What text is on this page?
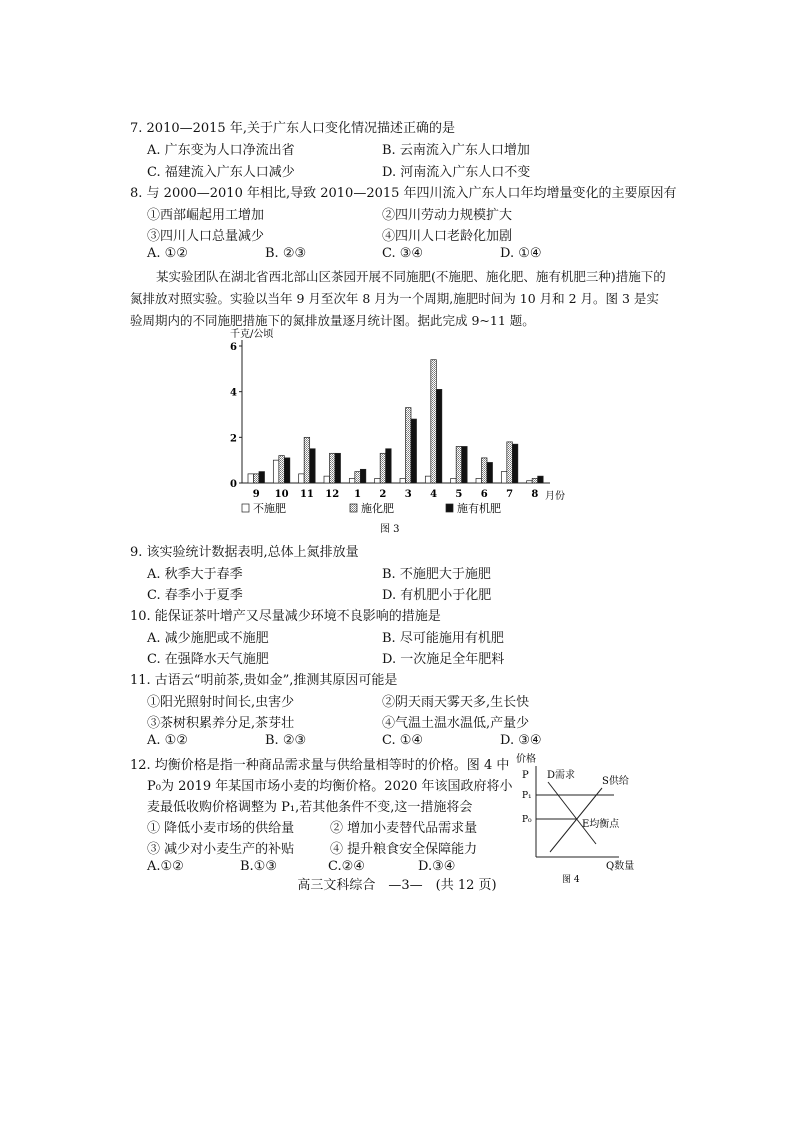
7. 2010—2015 年,关于广东人口变化情况描述正确的是
A. 广东变为人口净流出省	B. 云南流入广东人口增加
C. 福建流入广东人口减少	D. 河南流入广东人口不变
8. 与 2000—2010 年相比,导致 2010—2015 年四川流入广东人口年均增量变化的主要原因有
①西部崛起用工增加	②四川劳动力规模扩大
③四川人口总量减少	④四川人口老龄化加剧
A. ①②	B. ②③	C. ③④	D. ①④
某实验团队在湖北省西北部山区茶园开展不同施肥(不施肥、施化肥、施有机肥三种)措施下的氮排放对照实验。实验以当年 9 月至次年 8 月为一个周期,施肥时间为 10 月和 2 月。图 3 是实验周期内的不同施肥措施下的氮排放量逐月统计图。据此完成 9~11 题。
千克/公顷
0
2
4
6
9 10 11 12 1 2 3 4 5 6 7 8 月份
不施肥	施化肥	施有机肥
图 3
9. 该实验统计数据表明,总体上氮排放量
A. 秋季大于春季	B. 不施肥大于施肥
C. 春季小于夏季	D. 有机肥小于化肥
10. 能保证茶叶增产又尽量减少环境不良影响的措施是
A. 减少施肥或不施肥	B. 尽可能施用有机肥
C. 在强降水天气施肥	D. 一次施足全年肥料
11. 古语云“明前茶,贵如金”,推测其原因可能是
①阳光照射时间长,虫害少	②阴天雨天雾天多,生长快
③茶树积累养分足,茶芽壮	④气温土温水温低,产量少
A. ①②	B. ②③	C. ①④	D. ③④
12. 均衡价格是指一种商品需求量与供给量相等时的价格。图 4 中
P₀为 2019 年某国市场小麦的均衡价格。2020 年该国政府将小
麦最低收购价格调整为 P₁,若其他条件不变,这一措施将会
① 降低小麦市场的供给量	② 增加小麦替代品需求量
③ 减少对小麦生产的补贴	④ 提升粮食安全保障能力
A.①②	B.①③	C.②④	D.③④
价格
P D需求
S供给
P₁
P₀	E均衡点
Q数量
图 4
高三文科综合　—3—　(共 12 页)
